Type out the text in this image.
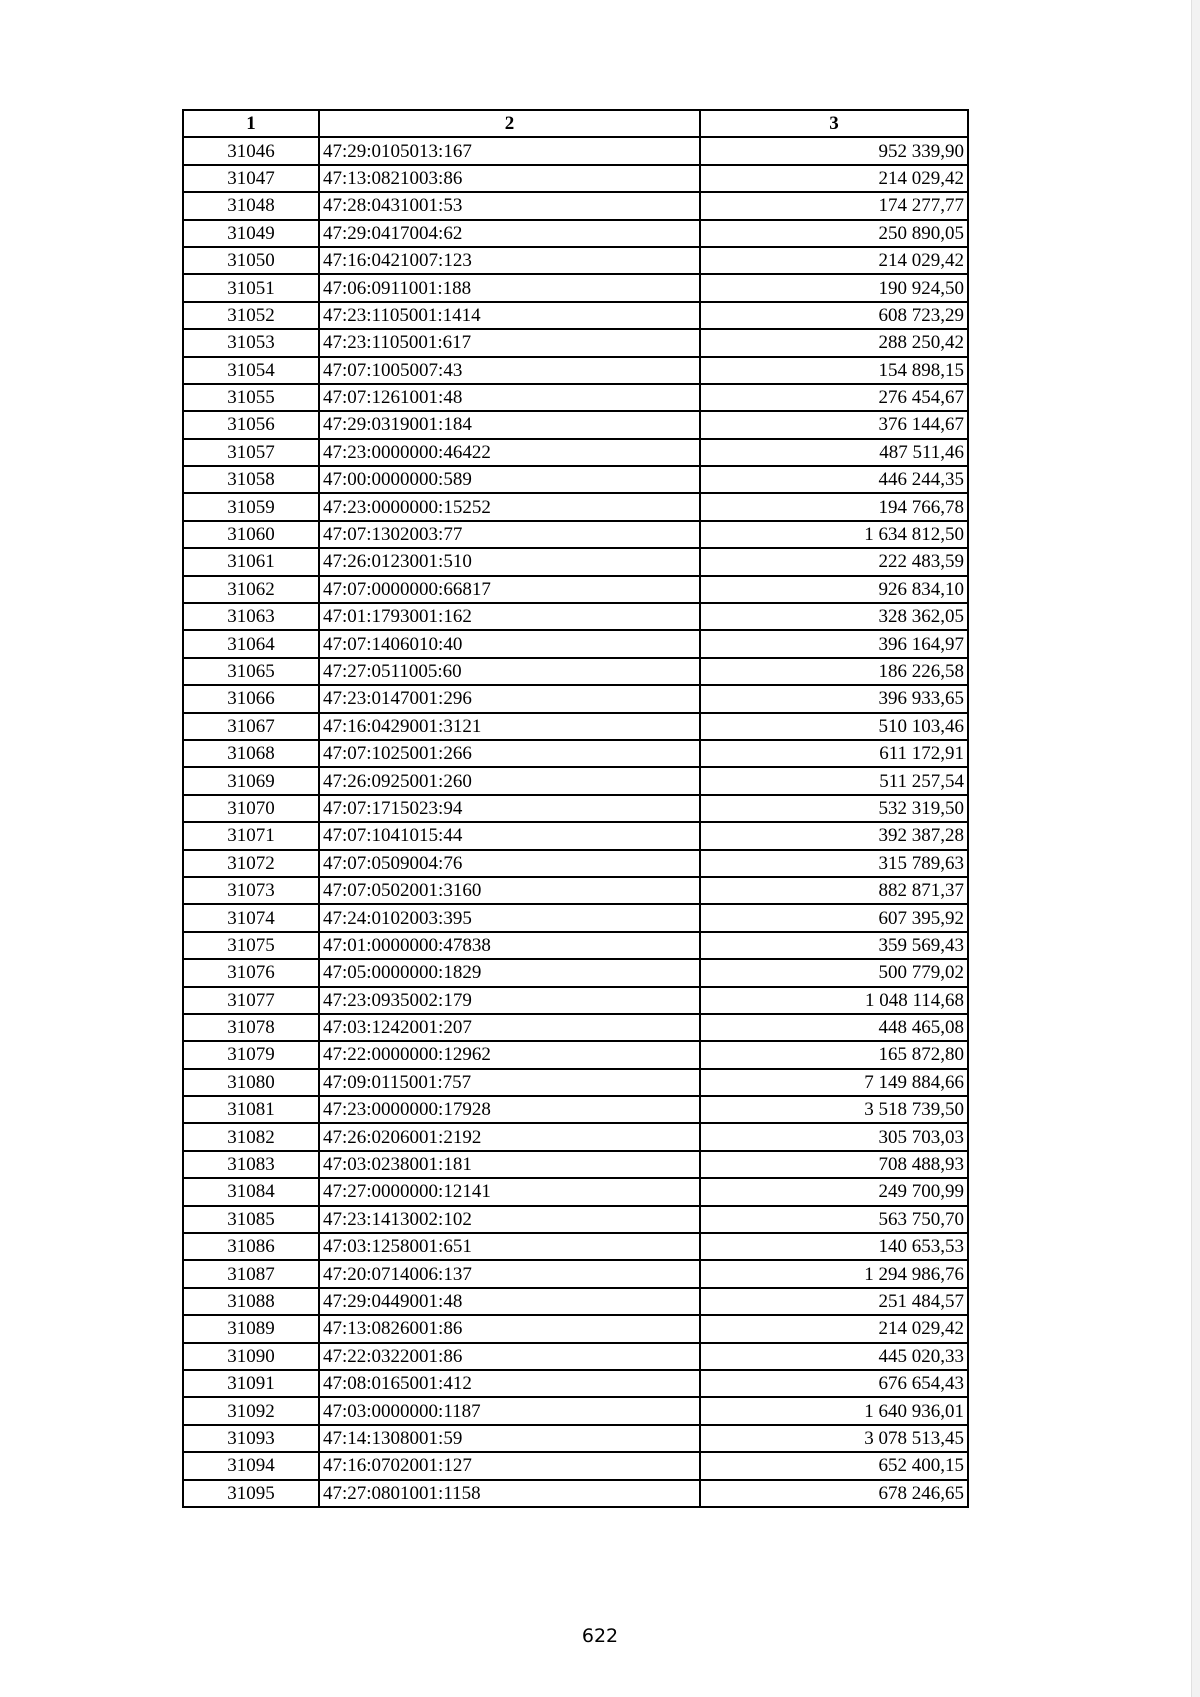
1	2	3
31046	47:29:0105013:167	952 339,90
31047	47:13:0821003:86	214 029,42
31048	47:28:0431001:53	174 277,77
31049	47:29:0417004:62	250 890,05
31050	47:16:0421007:123	214 029,42
31051	47:06:0911001:188	190 924,50
31052	47:23:1105001:1414	608 723,29
31053	47:23:1105001:617	288 250,42
31054	47:07:1005007:43	154 898,15
31055	47:07:1261001:48	276 454,67
31056	47:29:0319001:184	376 144,67
31057	47:23:0000000:46422	487 511,46
31058	47:00:0000000:589	446 244,35
31059	47:23:0000000:15252	194 766,78
31060	47:07:1302003:77	1 634 812,50
31061	47:26:0123001:510	222 483,59
31062	47:07:0000000:66817	926 834,10
31063	47:01:1793001:162	328 362,05
31064	47:07:1406010:40	396 164,97
31065	47:27:0511005:60	186 226,58
31066	47:23:0147001:296	396 933,65
31067	47:16:0429001:3121	510 103,46
31068	47:07:1025001:266	611 172,91
31069	47:26:0925001:260	511 257,54
31070	47:07:1715023:94	532 319,50
31071	47:07:1041015:44	392 387,28
31072	47:07:0509004:76	315 789,63
31073	47:07:0502001:3160	882 871,37
31074	47:24:0102003:395	607 395,92
31075	47:01:0000000:47838	359 569,43
31076	47:05:0000000:1829	500 779,02
31077	47:23:0935002:179	1 048 114,68
31078	47:03:1242001:207	448 465,08
31079	47:22:0000000:12962	165 872,80
31080	47:09:0115001:757	7 149 884,66
31081	47:23:0000000:17928	3 518 739,50
31082	47:26:0206001:2192	305 703,03
31083	47:03:0238001:181	708 488,93
31084	47:27:0000000:12141	249 700,99
31085	47:23:1413002:102	563 750,70
31086	47:03:1258001:651	140 653,53
31087	47:20:0714006:137	1 294 986,76
31088	47:29:0449001:48	251 484,57
31089	47:13:0826001:86	214 029,42
31090	47:22:0322001:86	445 020,33
31091	47:08:0165001:412	676 654,43
31092	47:03:0000000:1187	1 640 936,01
31093	47:14:1308001:59	3 078 513,45
31094	47:16:0702001:127	652 400,15
31095	47:27:0801001:1158	678 246,65
622
